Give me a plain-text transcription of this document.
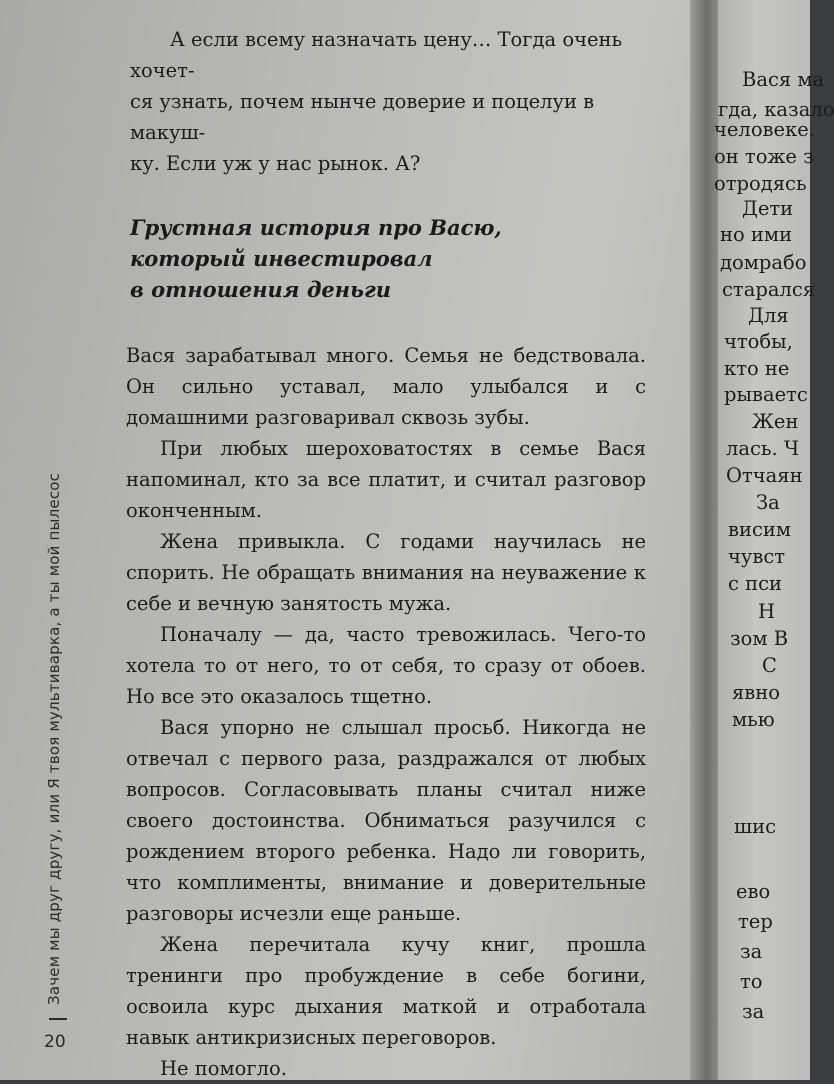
А если всему назначать цену… Тогда очень хочет-
ся узнать, почем нынче доверие и поцелуи в макуш-
ку. Если уж у нас рынок. А?
Грустная история про Васю,
который инвестировал
в отношения деньги

Вася зарабатывал много. Семья не бедствовала. Он сильно уставал, мало улыбался и с домашними разговаривал сквозь зубы.

При любых шероховатостях в семье Вася напоминал, кто за все платит, и считал разговор оконченным.

Жена привыкла. С годами научилась не спорить. Не обращать внимания на неуважение к себе и вечную занятость мужа.

Поначалу — да, часто тревожилась. Чего-то хотела то от него, то от себя, то сразу от обоев. Но все это оказалось тщетно.

Вася упорно не слышал просьб. Никогда не отвечал с первого раза, раздражался от любых вопросов. Согласовывать планы считал ниже своего достоинства. Обниматься разучился с рождением второго ребенка. Надо ли говорить, что комплименты, внимание и доверительные разговоры исчезли еще раньше.

Жена перечитала кучу книг, прошла тренинги про пробуждение в себе богини, освоила курс дыхания маткой и отработала навык антикризисных переговоров.

Не помогло.

Зачем мы друг другу, или Я твоя мультиварка, а ты мой пылесос
20
Вася ма
гда, казало
человеке.
он тоже з
отродясь
Дети
но ими
домрабо
старался
Для
чтобы,
кто не
рываетс
Жен
лась. Ч
Отчаян
За
висим
чувст
с пси
Н
зом В
С
явно
мью
шис
ево
тер
за
то
за
